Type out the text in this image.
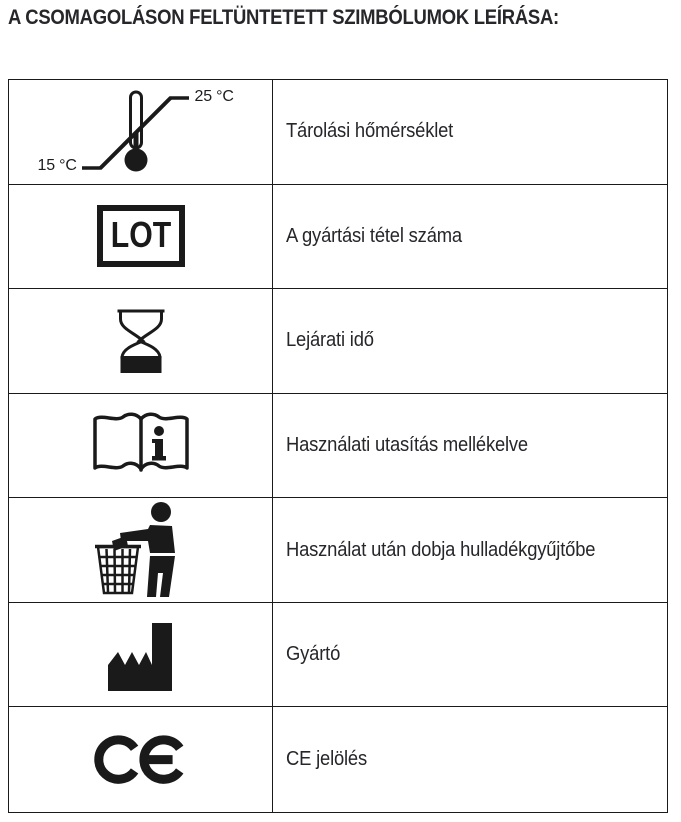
A CSOMAGOLÁSON FELTÜNTETETT SZIMBÓLUMOK LEÍRÁSA:
25 °C
15 °C
Tárolási hőmérséklet
LOT	A gyártási tétel száma
Lejárati idő
Használati utasítás mellékelve
Használat után dobja hulladékgyűjtőbe
Gyártó
CE jelölés
